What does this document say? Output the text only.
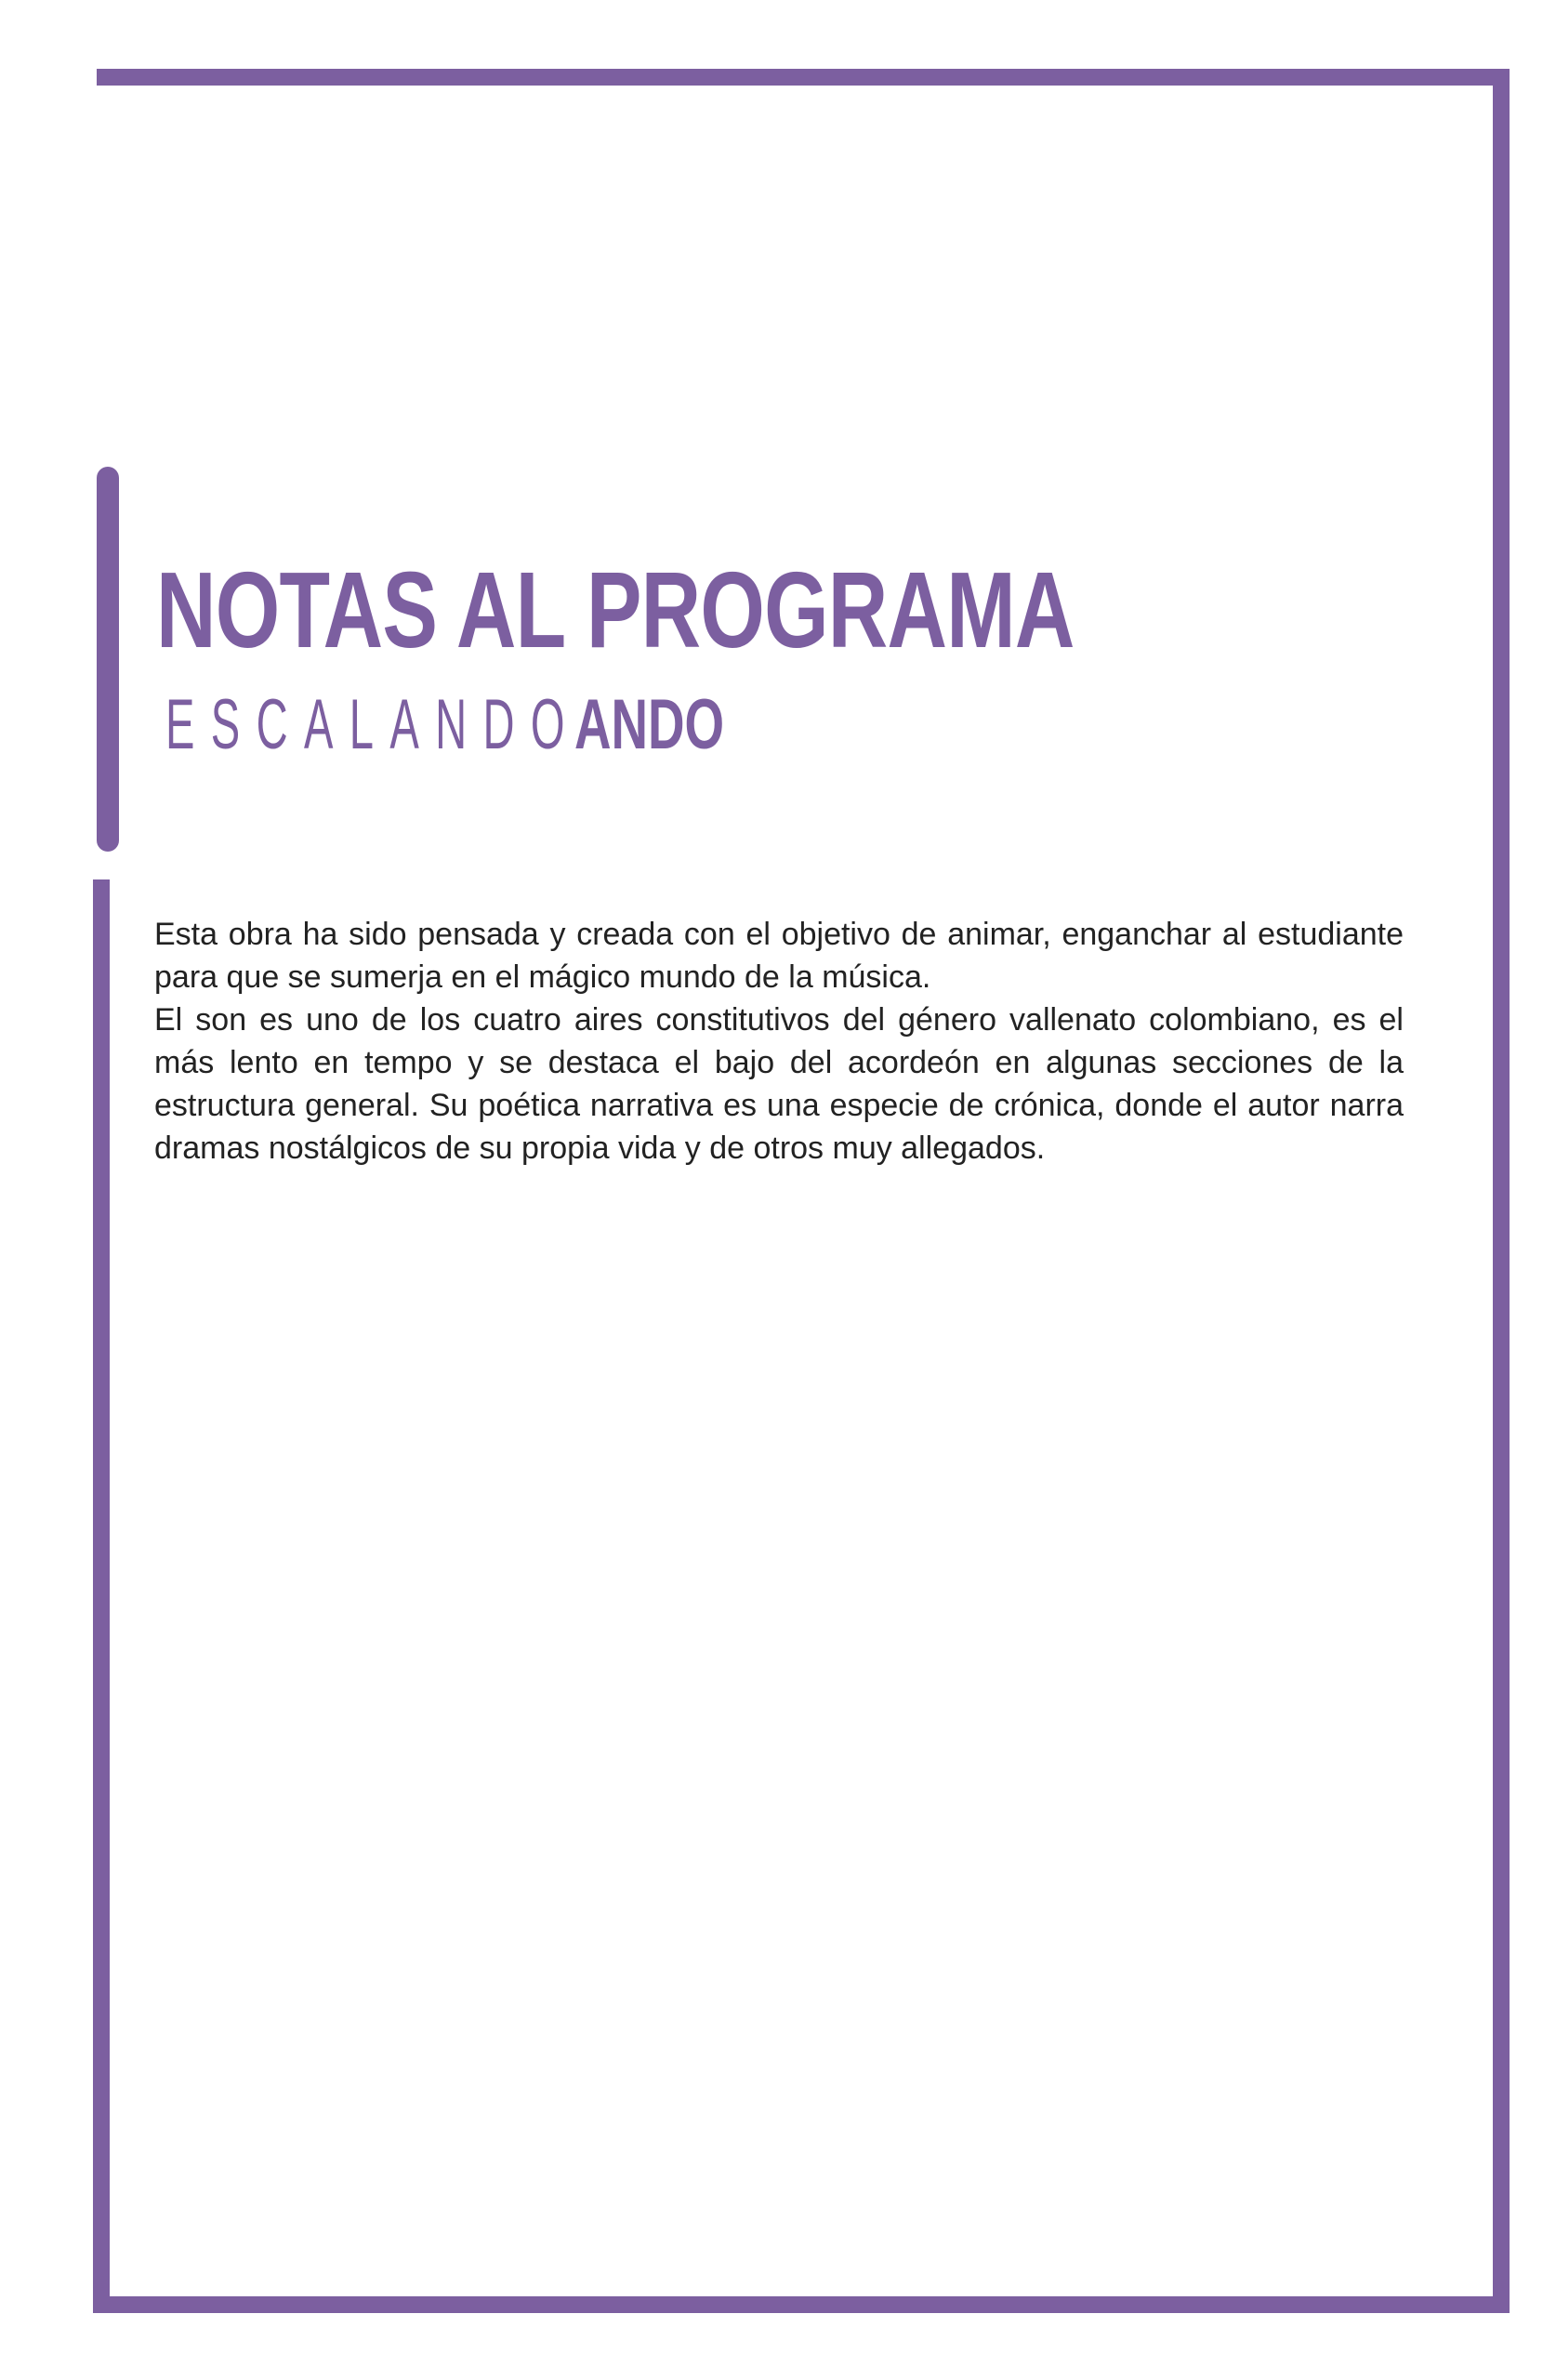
NOTAS AL PROGRAMA
ESCALANDOANDO

Esta obra ha sido pensada y creada con el objetivo de animar, enganchar al estudiante para que se sumerja en el mágico mundo de la música.

El son es uno de los cuatro aires constitutivos del género vallenato colombiano, es el más lento en tempo y se destaca el bajo del acordeón en algunas secciones de la estructura general. Su poética narrativa es una especie de crónica, donde el autor narra dramas nostálgicos de su propia vida y de otros muy allegados.
